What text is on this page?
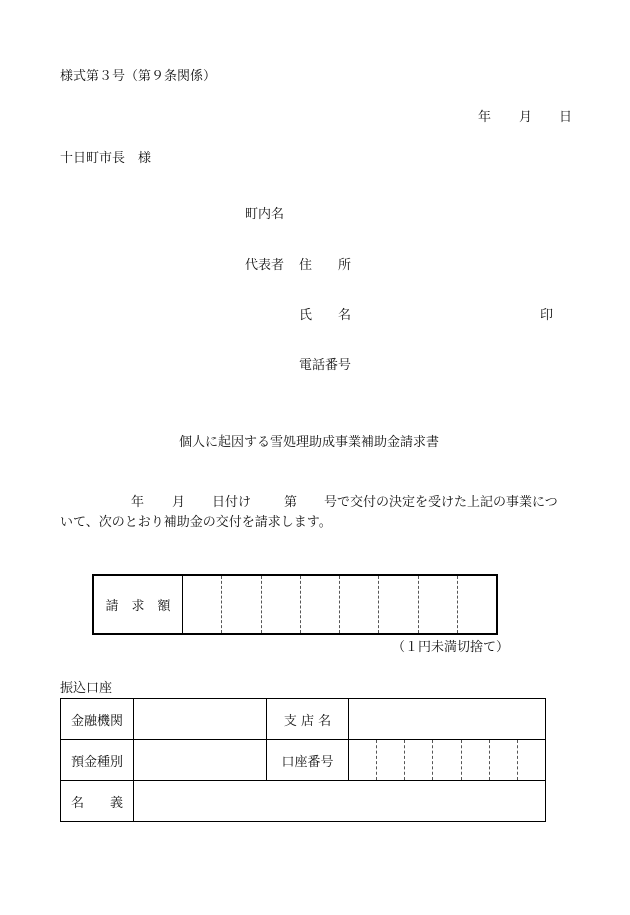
様式第３号（第９条関係）
年 月 日
十日町市長　様
町内名
代表者 住　　所
氏　　名	印
電話番号
個人に起因する雪処理助成事業補助金請求書
年 月 日付け	第 号で交付の決定を受けた上記の事業につ
いて、次のとおり補助金の交付を請求します。
請　求　額
（１円未満切捨て）
振込口座
金融機関		支 店 名	
預金種別		口座番号	

名　　義			
